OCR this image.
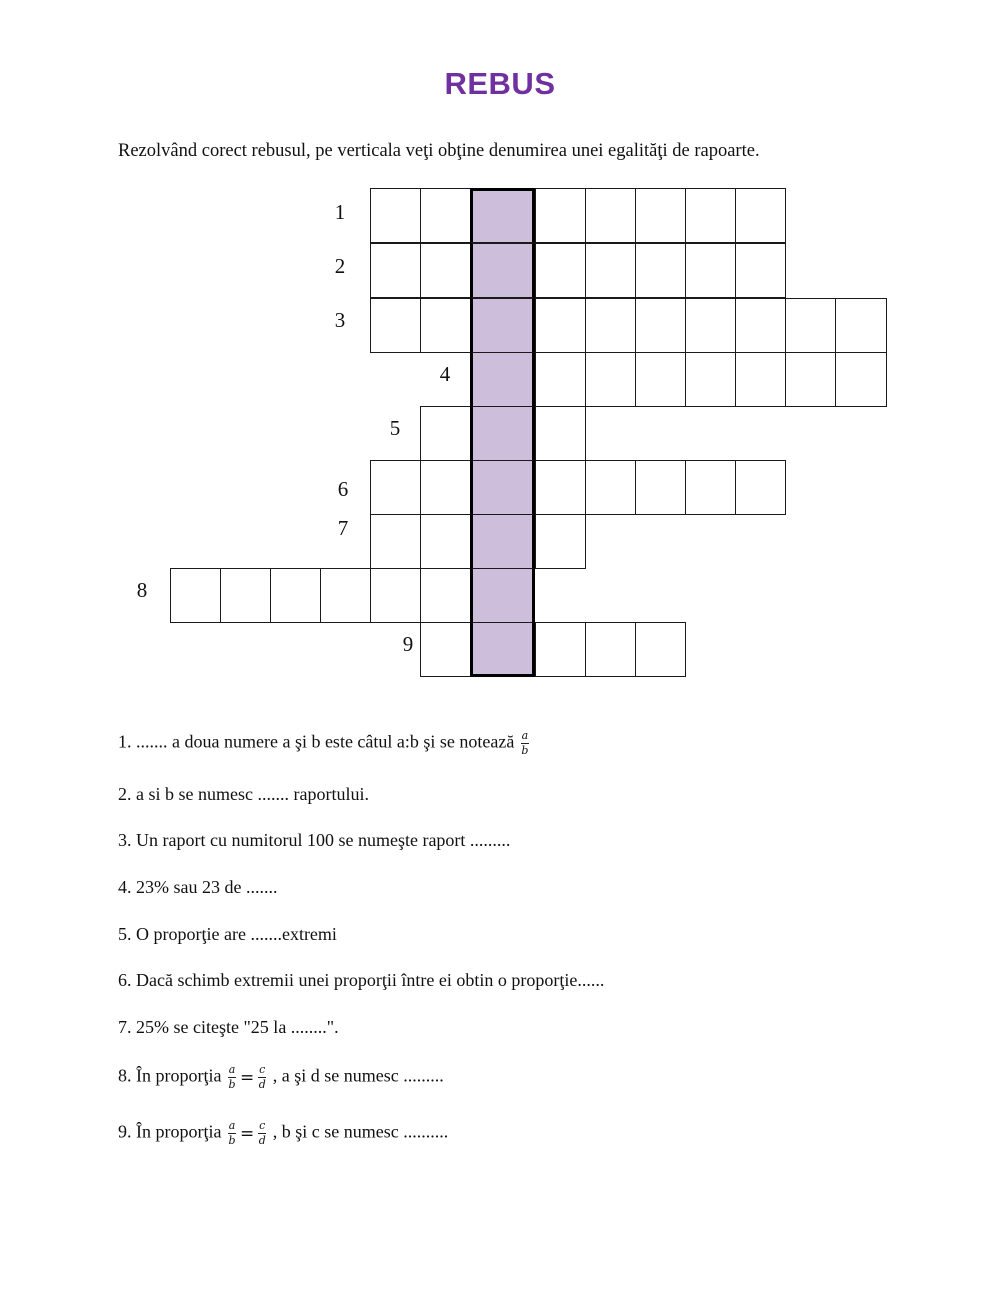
REBUS
Rezolvând corect rebusul, pe verticala veţi obţine denumirea unei egalităţi de rapoarte.
1
2
3
4
5
6
7
8
9
1. ....... a doua numere a şi b este câtul a:b şi se notează $\frac{a}{b}$
2. a si b se numesc ....... raportului.
3. Un raport cu numitorul 100 se numeşte raport .........
4. 23% sau 23 de .......
5. O proporţie are .......extremi
6. Dacă schimb extremii unei proporţii între ei obtin o proporţie......
7. 25% se citeşte "25 la ........".
8. În proporţia $\frac{a}{b} = \frac{c}{d}$ , a şi d se numesc .........
9. În proporţia $\frac{a}{b} = \frac{c}{d}$ , b şi c se numesc ..........
